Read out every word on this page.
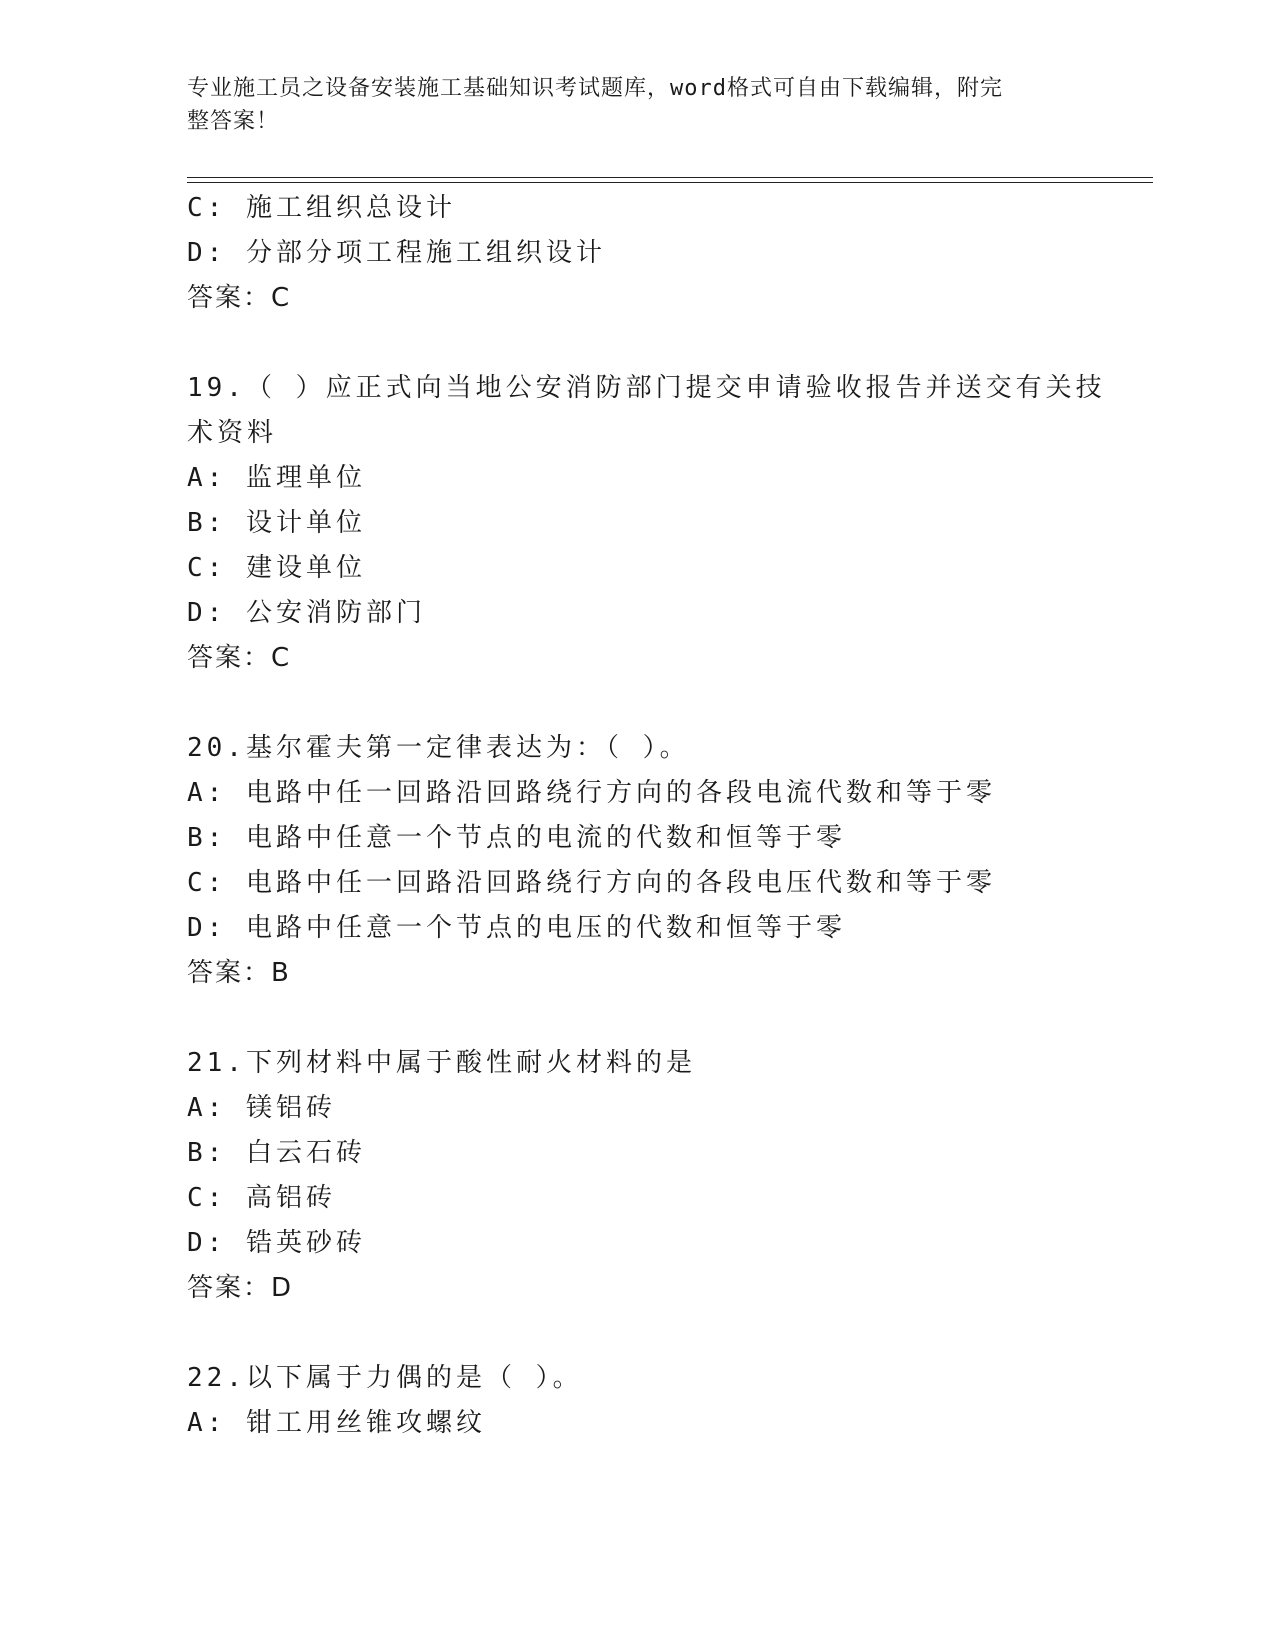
专业施工员之设备安装施工基础知识考试题库，word格式可自由下载编辑，附完
整答案！
C: 施工组织总设计
D: 分部分项工程施工组织设计
答案：C
19.（ ）应正式向当地公安消防部门提交申请验收报告并送交有关技
术资料
A: 监理单位
B: 设计单位
C: 建设单位
D: 公安消防部门
答案：C
20.基尔霍夫第一定律表达为：（ ）。
A: 电路中任一回路沿回路绕行方向的各段电流代数和等于零
B: 电路中任意一个节点的电流的代数和恒等于零
C: 电路中任一回路沿回路绕行方向的各段电压代数和等于零
D: 电路中任意一个节点的电压的代数和恒等于零
答案：B
21.下列材料中属于酸性耐火材料的是
A: 镁铝砖
B: 白云石砖
C: 高铝砖
D: 锆英砂砖
答案：D
22.以下属于力偶的是（ ）。
A: 钳工用丝锥攻螺纹
